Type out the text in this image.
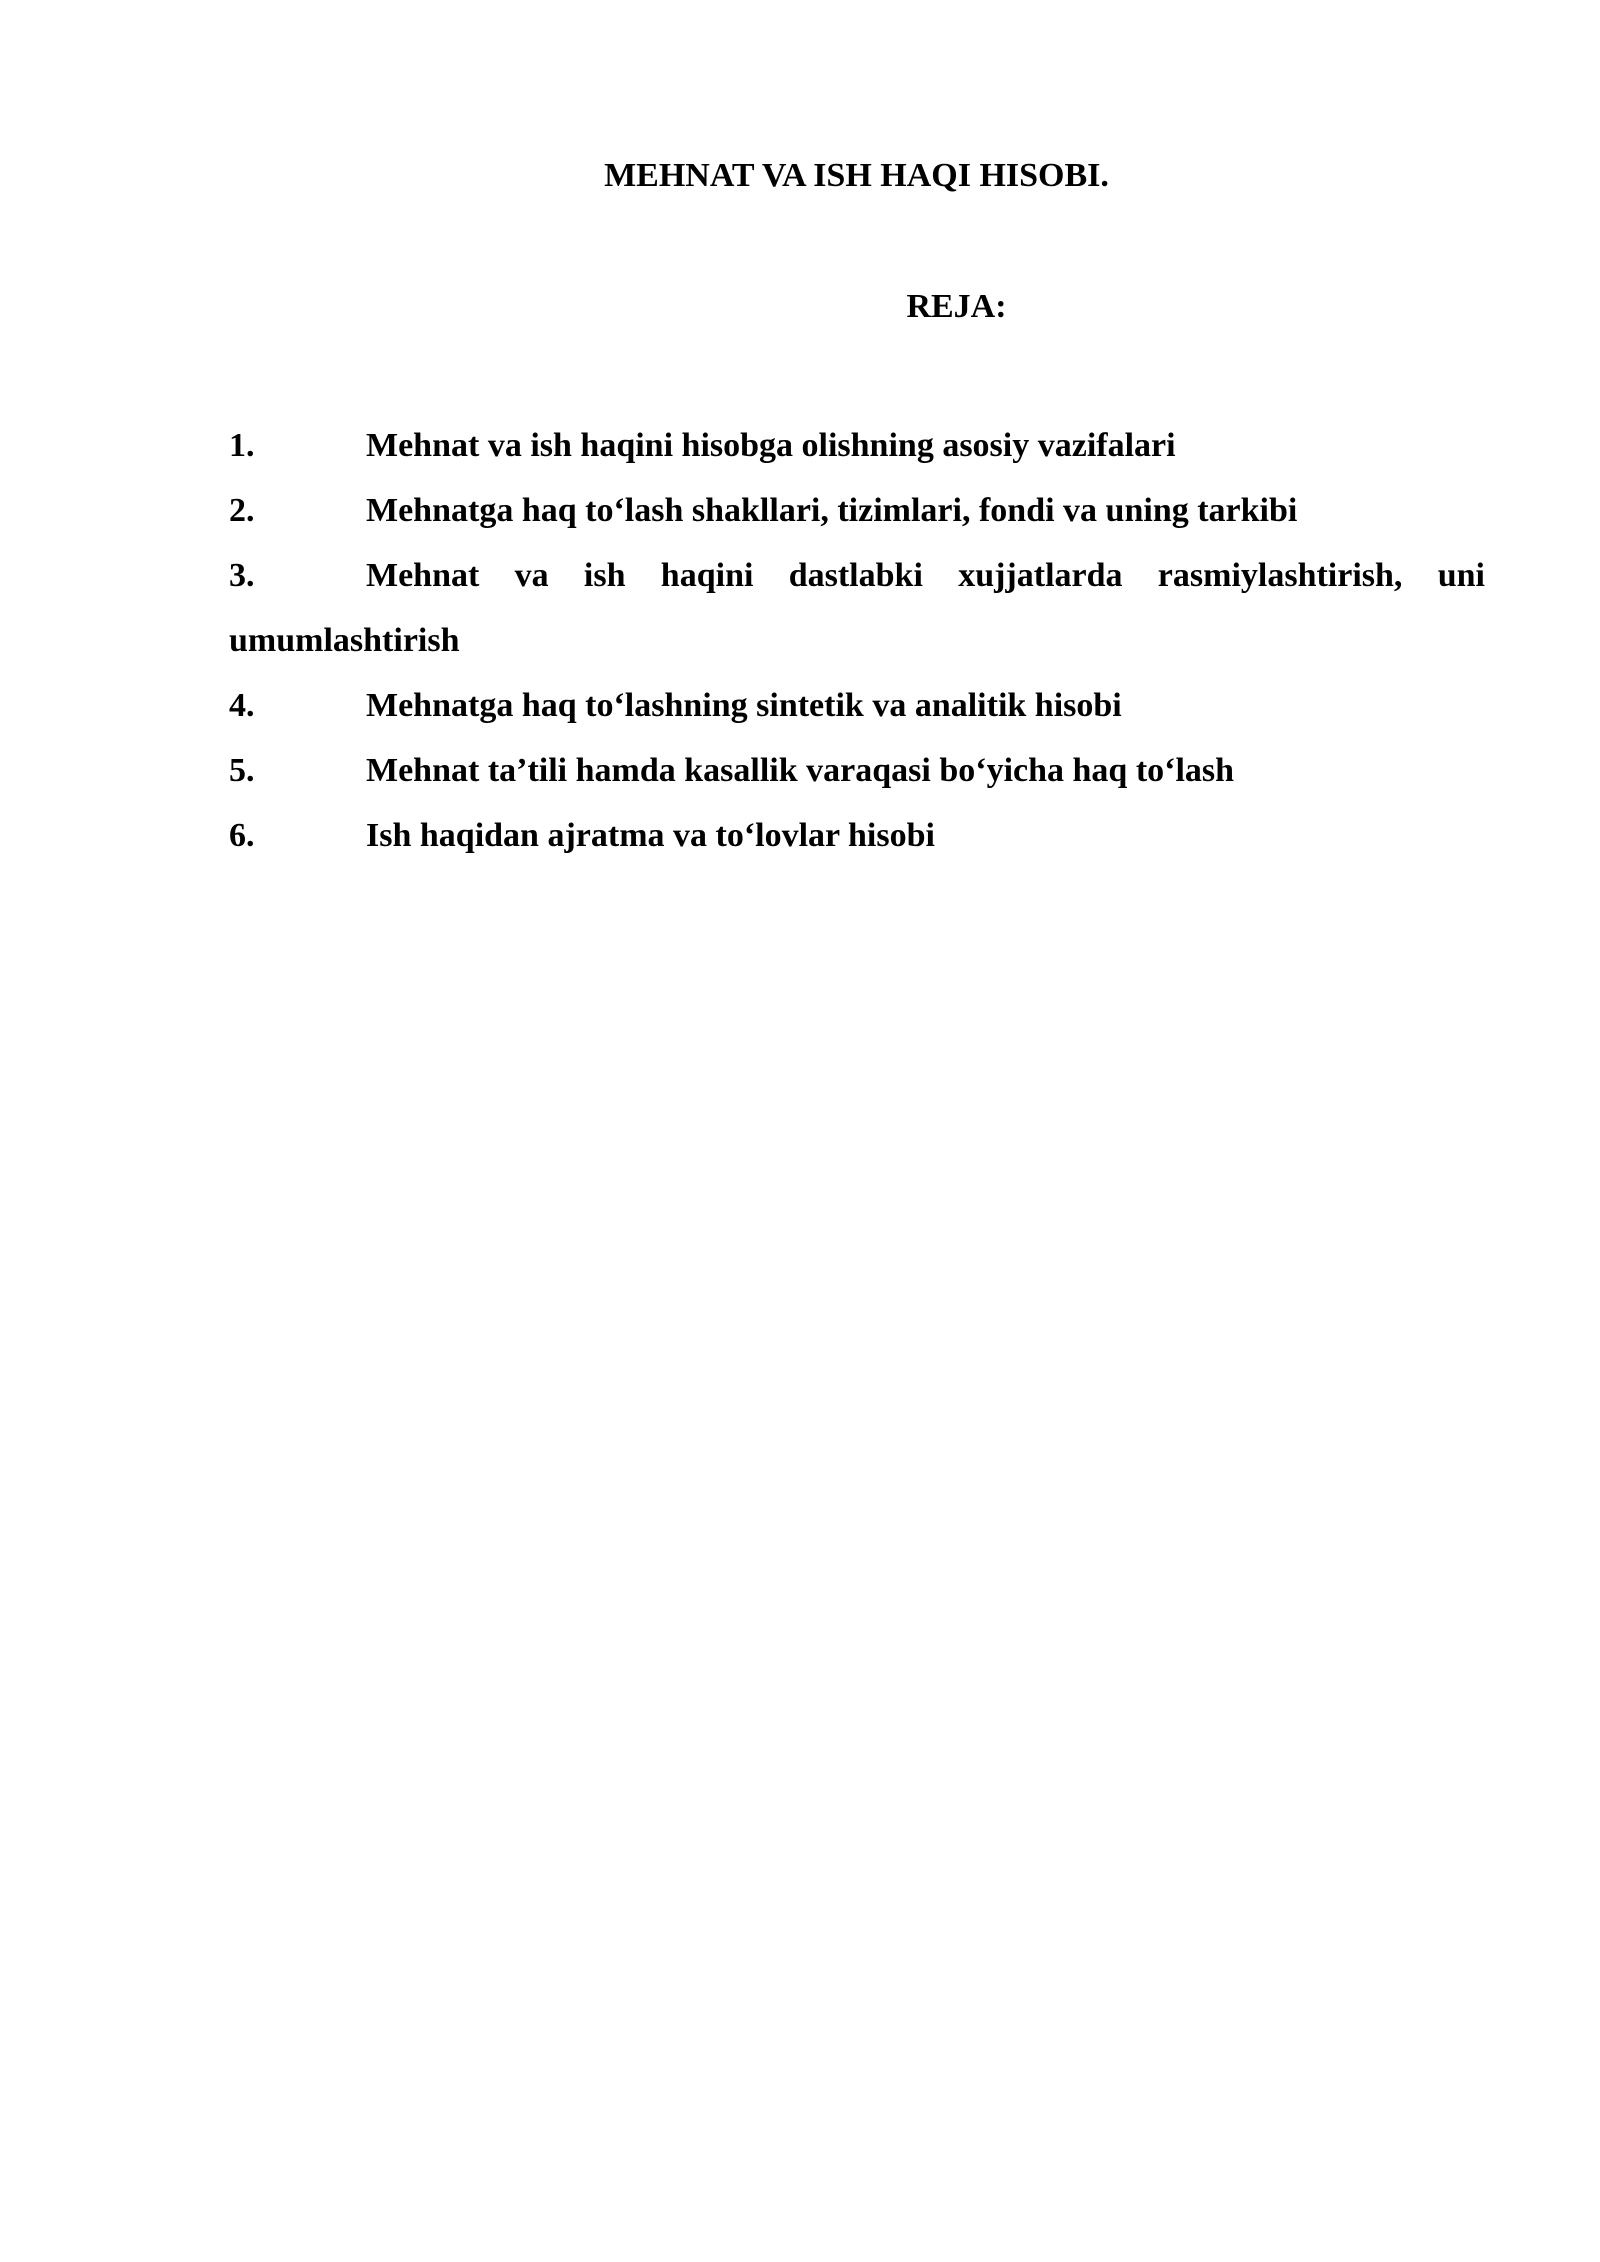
MEHNAT VA ISH HAQI HISOBI.
REJA:
1.	Mehnat va ish haqini hisobga olishning asosiy vazifalari
2.	Mehnatga haq to‘lash shakllari, tizimlari, fondi va uning tarkibi
3.	Mehnat va ish haqini dastlabki xujjatlarda rasmiylashtirish, uni umumlashtirish
4.	Mehnatga haq to‘lashning sintetik va analitik hisobi
5.	Mehnat ta’tili hamda kasallik varaqasi bo‘yicha haq to‘lash
6.	Ish haqidan ajratma va to‘lovlar hisobi
